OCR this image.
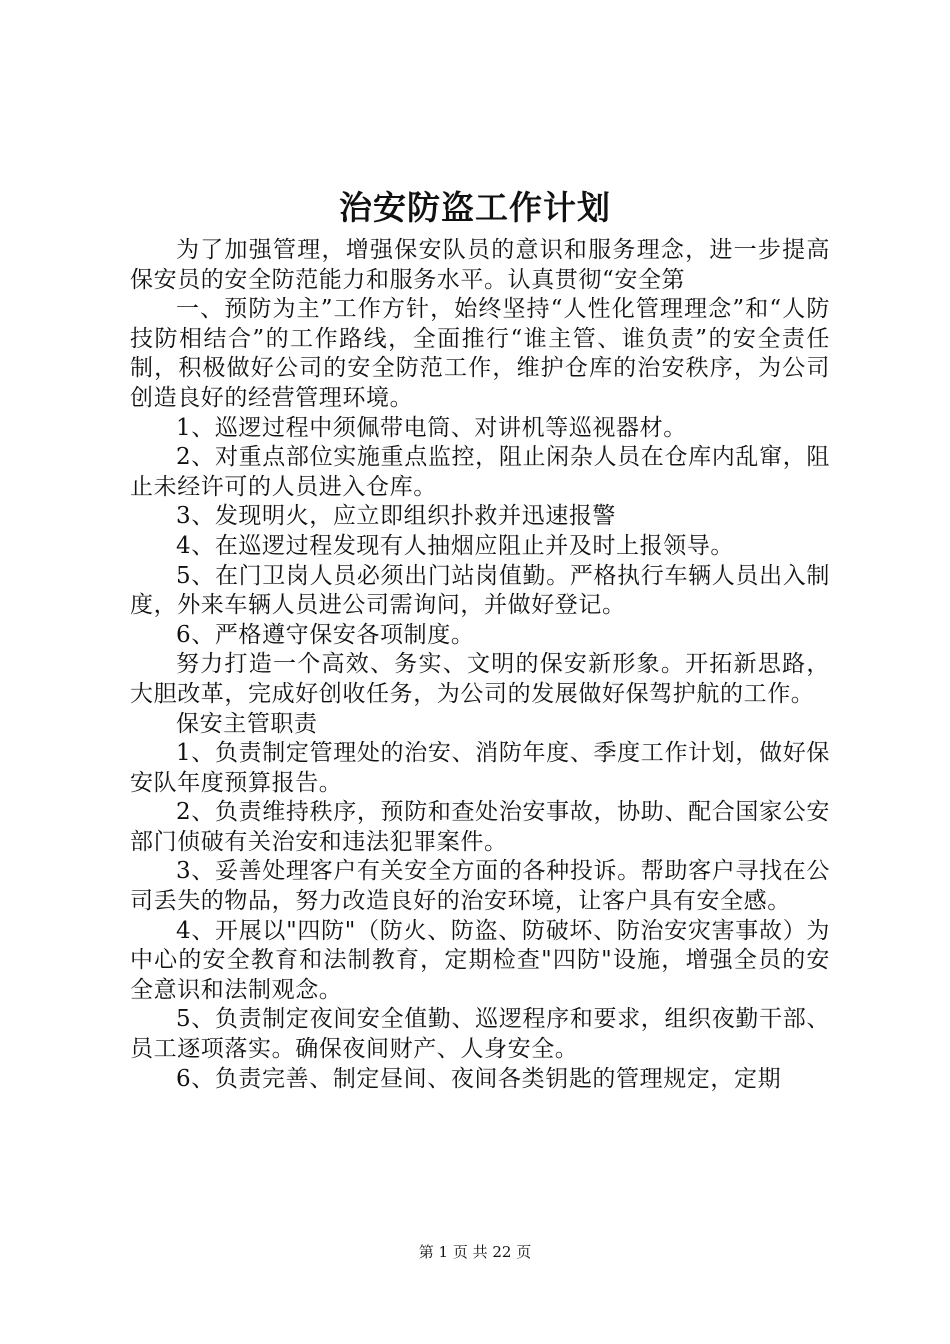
治安防盗工作计划

为了加强管理，增强保安队员的意识和服务理念，进一步提高保安员的安全防范能力和服务水平。认真贯彻“安全第

一、预防为主”工作方针，始终坚持“人性化管理理念”和“人防技防相结合”的工作路线，全面推行“谁主管、谁负责”的安全责任制，积极做好公司的安全防范工作，维护仓库的治安秩序，为公司创造良好的经营管理环境。

1、巡逻过程中须佩带电筒、对讲机等巡视器材。

2、对重点部位实施重点监控，阻止闲杂人员在仓库内乱窜，阻止未经许可的人员进入仓库。

3、发现明火，应立即组织扑救并迅速报警

4、在巡逻过程发现有人抽烟应阻止并及时上报领导。

5、在门卫岗人员必须出门站岗值勤。严格执行车辆人员出入制度，外来车辆人员进公司需询问，并做好登记。

6、严格遵守保安各项制度。

努力打造一个高效、务实、文明的保安新形象。开拓新思路，大胆改革，完成好创收任务，为公司的发展做好保驾护航的工作。

保安主管职责

1、负责制定管理处的治安、消防年度、季度工作计划，做好保安队年度预算报告。

2、负责维持秩序，预防和查处治安事故，协助、配合国家公安部门侦破有关治安和违法犯罪案件。

3、妥善处理客户有关安全方面的各种投诉。帮助客户寻找在公司丢失的物品，努力改造良好的治安环境，让客户具有安全感。

4、开展以"四防"（防火、防盗、防破坏、防治安灾害事故）为中心的安全教育和法制教育，定期检查"四防"设施，增强全员的安全意识和法制观念。

5、负责制定夜间安全值勤、巡逻程序和要求，组织夜勤干部、员工逐项落实。确保夜间财产、人身安全。

6、负责完善、制定昼间、夜间各类钥匙的管理规定，定期

第 1 页 共 22 页
